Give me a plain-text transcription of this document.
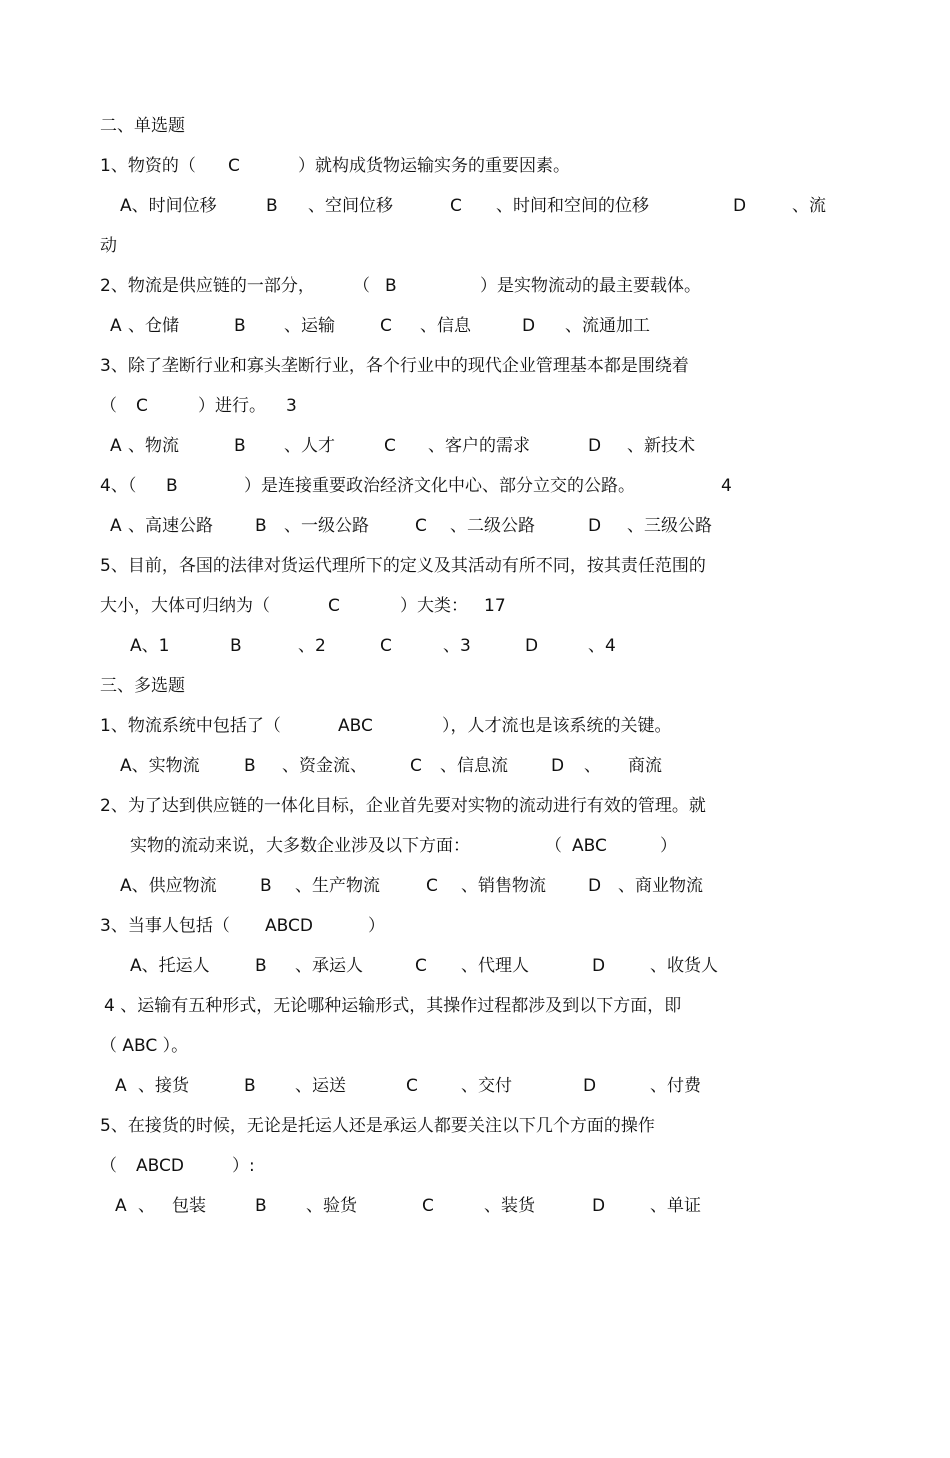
二、单选题

1、物资的（

C

	）就构成货物运输实务的重要因素。

A、时间位移

	B

、空间位移

	C

、时间和空间的位移

	D

	、流

动

2、物流是供应链的一部分，

（

B

	）是实物流动的最主要载体。

A

、仓储

	B

、运输

	C

、信息

	D

、流通加工

3、除了垄断行业和寡头垄断行业，各个行业中的现代企业管理基本都是围绕着

（

C

	）进行。

3

A

、物流

	B

、人才

	C

、客户的需求

	D

、新技术

4、（

B

	）是连接重要政治经济文化中心、部分立交的公路。

	4

A

、高速公路

B

、一级公路

	C

、二级公路

	D

、三级公路

5、目前，各国的法律对货运代理所下的定义及其活动有所不同，按其责任范围的

大小，大体可归纳为（

	C

	）大类：

17

A、1

	B

	、2

	C

	、3

	D

	、4

三、多选题

1、物流系统中包括了（

	ABC

	），人才流也是该系统的关键。

A、实物流

	B

、资金流、

	C

、信息流

	D

、

商流

2、为了达到供应链的一体化目标，企业首先要对实物的流动进行有效的管理。就

实物的流动来说，大多数企业涉及以下方面：

	（

ABC

	）

A、供应物流

	B

、生产物流

	C

、销售物流

D

、商业物流

3、当事人包括（

ABCD

	）

A、托运人

	B

、承运人

	C

、代理人

	D

	、收货人

4 、运输有五种形式，无论哪种运输形式，其操作过程都涉及到以下方面，即

（ ABC ）。

A

、接货

	B

、运送

	C

	、交付

	D

	、付费

5、在接货的时候，无论是托运人还是承运人都要关注以下几个方面的操作

（

ABCD

	）:

A

、

包装

	B

、验货

	C

	、装货

	D

	、单证
